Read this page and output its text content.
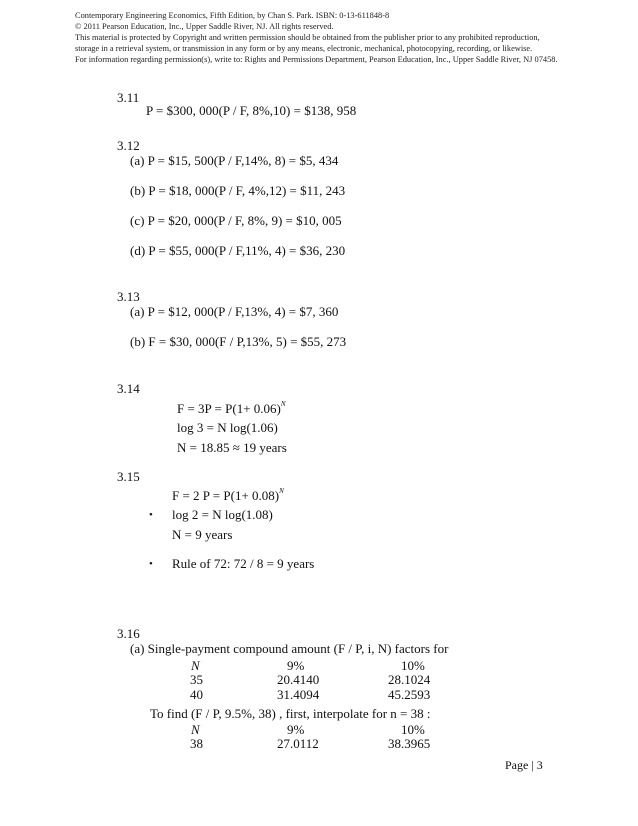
Contemporary Engineering Economics, Fifth Edition, by Chan S. Park. ISBN: 0-13-611848-8
© 2011 Pearson Education, Inc., Upper Saddle River, NJ. All rights reserved.
This material is protected by Copyright and written permission should be obtained from the publisher prior to any prohibited reproduction,
storage in a retrieval system, or transmission in any form or by any means, electronic, mechanical, photocopying, recording, or likewise.
For information regarding permission(s), write to: Rights and Permissions Department, Pearson Education, Inc., Upper Saddle River, NJ 07458.
3.11
P = $300, 000(P / F, 8%,10) = $138, 958
3.12
(a) P = $15, 500(P / F,14%, 8) = $5, 434
(b) P = $18, 000(P / F, 4%,12) = $11, 243
(c) P = $20, 000(P / F, 8%, 9) = $10, 005
(d) P = $55, 000(P / F,11%, 4) = $36, 230
3.13
(a) P = $12, 000(P / F,13%, 4) = $7, 360
(b) F = $30, 000(F / P,13%, 5) = $55, 273
3.14
$F = 3P = P(1+ 0.06)^N$
log 3 = N log(1.06)
N = 18.85 ≈ 19 years
3.15
F = 2 $P = P(1+ 0.08)^N$
• log 2 = N log(1.08)
N = 9 years
• Rule of 72: 72 / 8 = 9 years
3.16
(a) Single-payment compound amount (F / P, i, N) factors for
N	9%	10%
35	20.4140	28.1024
40	31.4094	45.2593
To find (F / P, 9.5%, 38) , first, interpolate for n = 38 :
N	9%	10%
38	27.0112	38.3965
Page | 3
